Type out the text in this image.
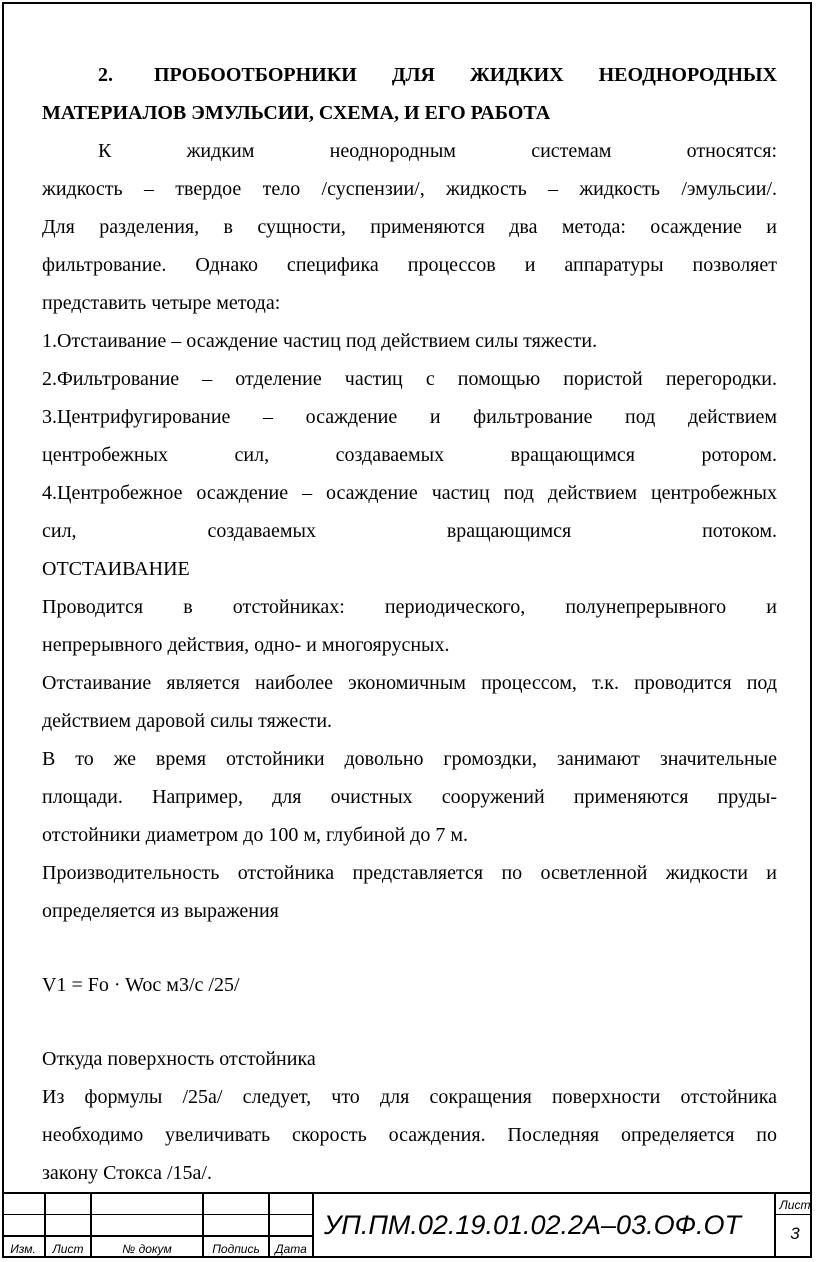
2. ПРОБООТБОРНИКИ ДЛЯ ЖИДКИХ НЕОДНОРОДНЫХ
МАТЕРИАЛОВ ЭМУЛЬСИИ, СХЕМА, И ЕГО РАБОТА
К жидким неоднородным системам относятся:
жидкость – твердое тело /суспензии/, жидкость – жидкость /эмульсии/.
Для разделения, в сущности, применяются два метода: осаждение и
фильтрование. Однако специфика процессов и аппаратуры позволяет
представить четыре метода:
1.Отстаивание – осаждение частиц под действием силы тяжести.
2.Фильтрование – отделение частиц с помощью пористой перегородки.
3.Центрифугирование – осаждение и фильтрование под действием
центробежных сил, создаваемых вращающимся ротором.
4.Центробежное осаждение – осаждение частиц под действием центробежных
сил, создаваемых вращающимся потоком.
ОТСТАИВАНИЕ
Проводится в отстойниках: периодического, полунепрерывного и
непрерывного действия, одно- и многоярусных.
Отстаивание является наиболее экономичным процессом, т.к. проводится под
действием даровой силы тяжести.
В то же время отстойники довольно громоздки, занимают значительные
площади. Например, для очистных сооружений применяются пруды-
отстойники диаметром до 100 м, глубиной до 7 м.
Производительность отстойника представляется по осветленной жидкости и
определяется из выражения
V1 = Fo · Woc м3/с /25/
Откуда поверхность отстойника
Из формулы /25а/ следует, что для сокращения поверхности отстойника
необходимо увеличивать скорость осаждения. Последняя определяется по
закону Стокса /15а/.
Изм.	Лист	№ докум	Подпись	Дата
УП.ПМ.02.19.01.02.2А–03.ОФ.ОТ
Лист
3
